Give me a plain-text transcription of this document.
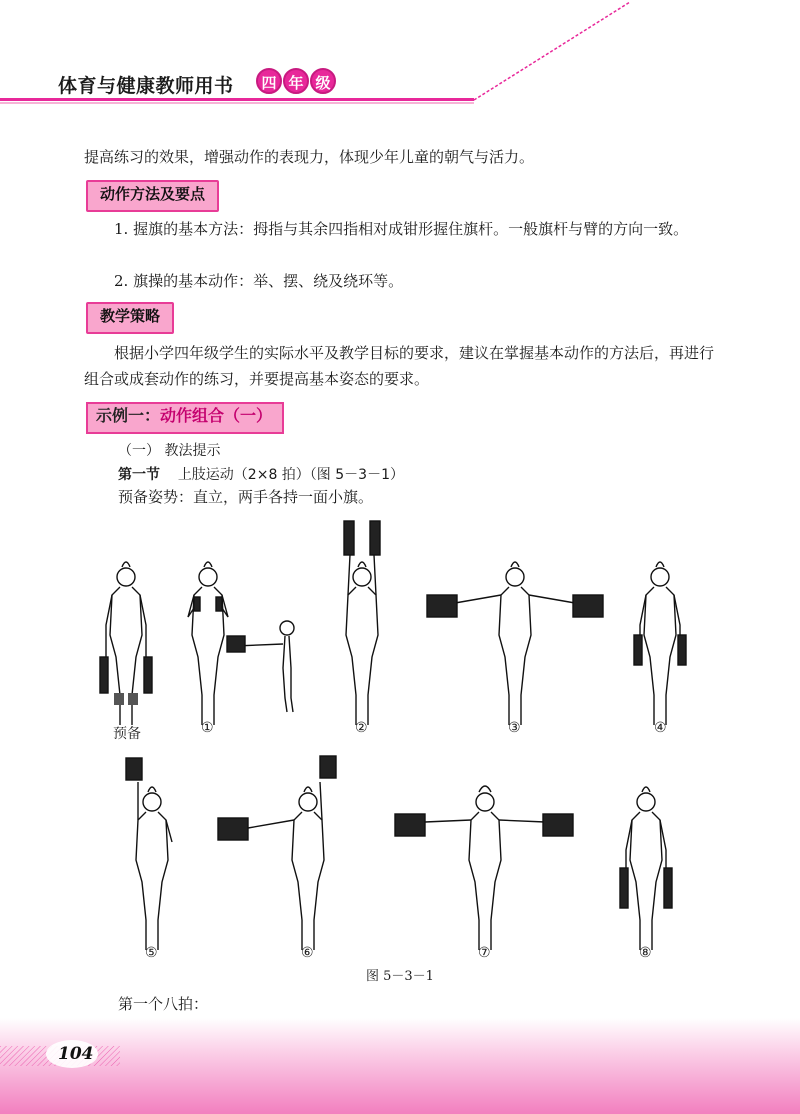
体育与健康教师用书	四 年 级
提高练习的效果，增强动作的表现力，体现少年儿童的朝气与活力。
动作方法及要点
1. 握旗的基本方法：拇指与其余四指相对成钳形握住旗杆。一般旗杆与臂的方向一致。
2. 旗操的基本动作：举、摆、绕及绕环等。
教学策略
根据小学四年级学生的实际水平及教学目标的要求，建议在掌握基本动作的方法后，再进行组合或成套动作的练习，并要提高基本姿态的要求。
示例一：动作组合（一）
（一） 教法提示
第一节 上肢运动（2×8 拍）（图 5－3－1）
预备姿势：直立，两手各持一面小旗。
预备	①	②	③	④
⑤	⑥	⑦	⑧
图 5－3－1
第一个八拍：
104
